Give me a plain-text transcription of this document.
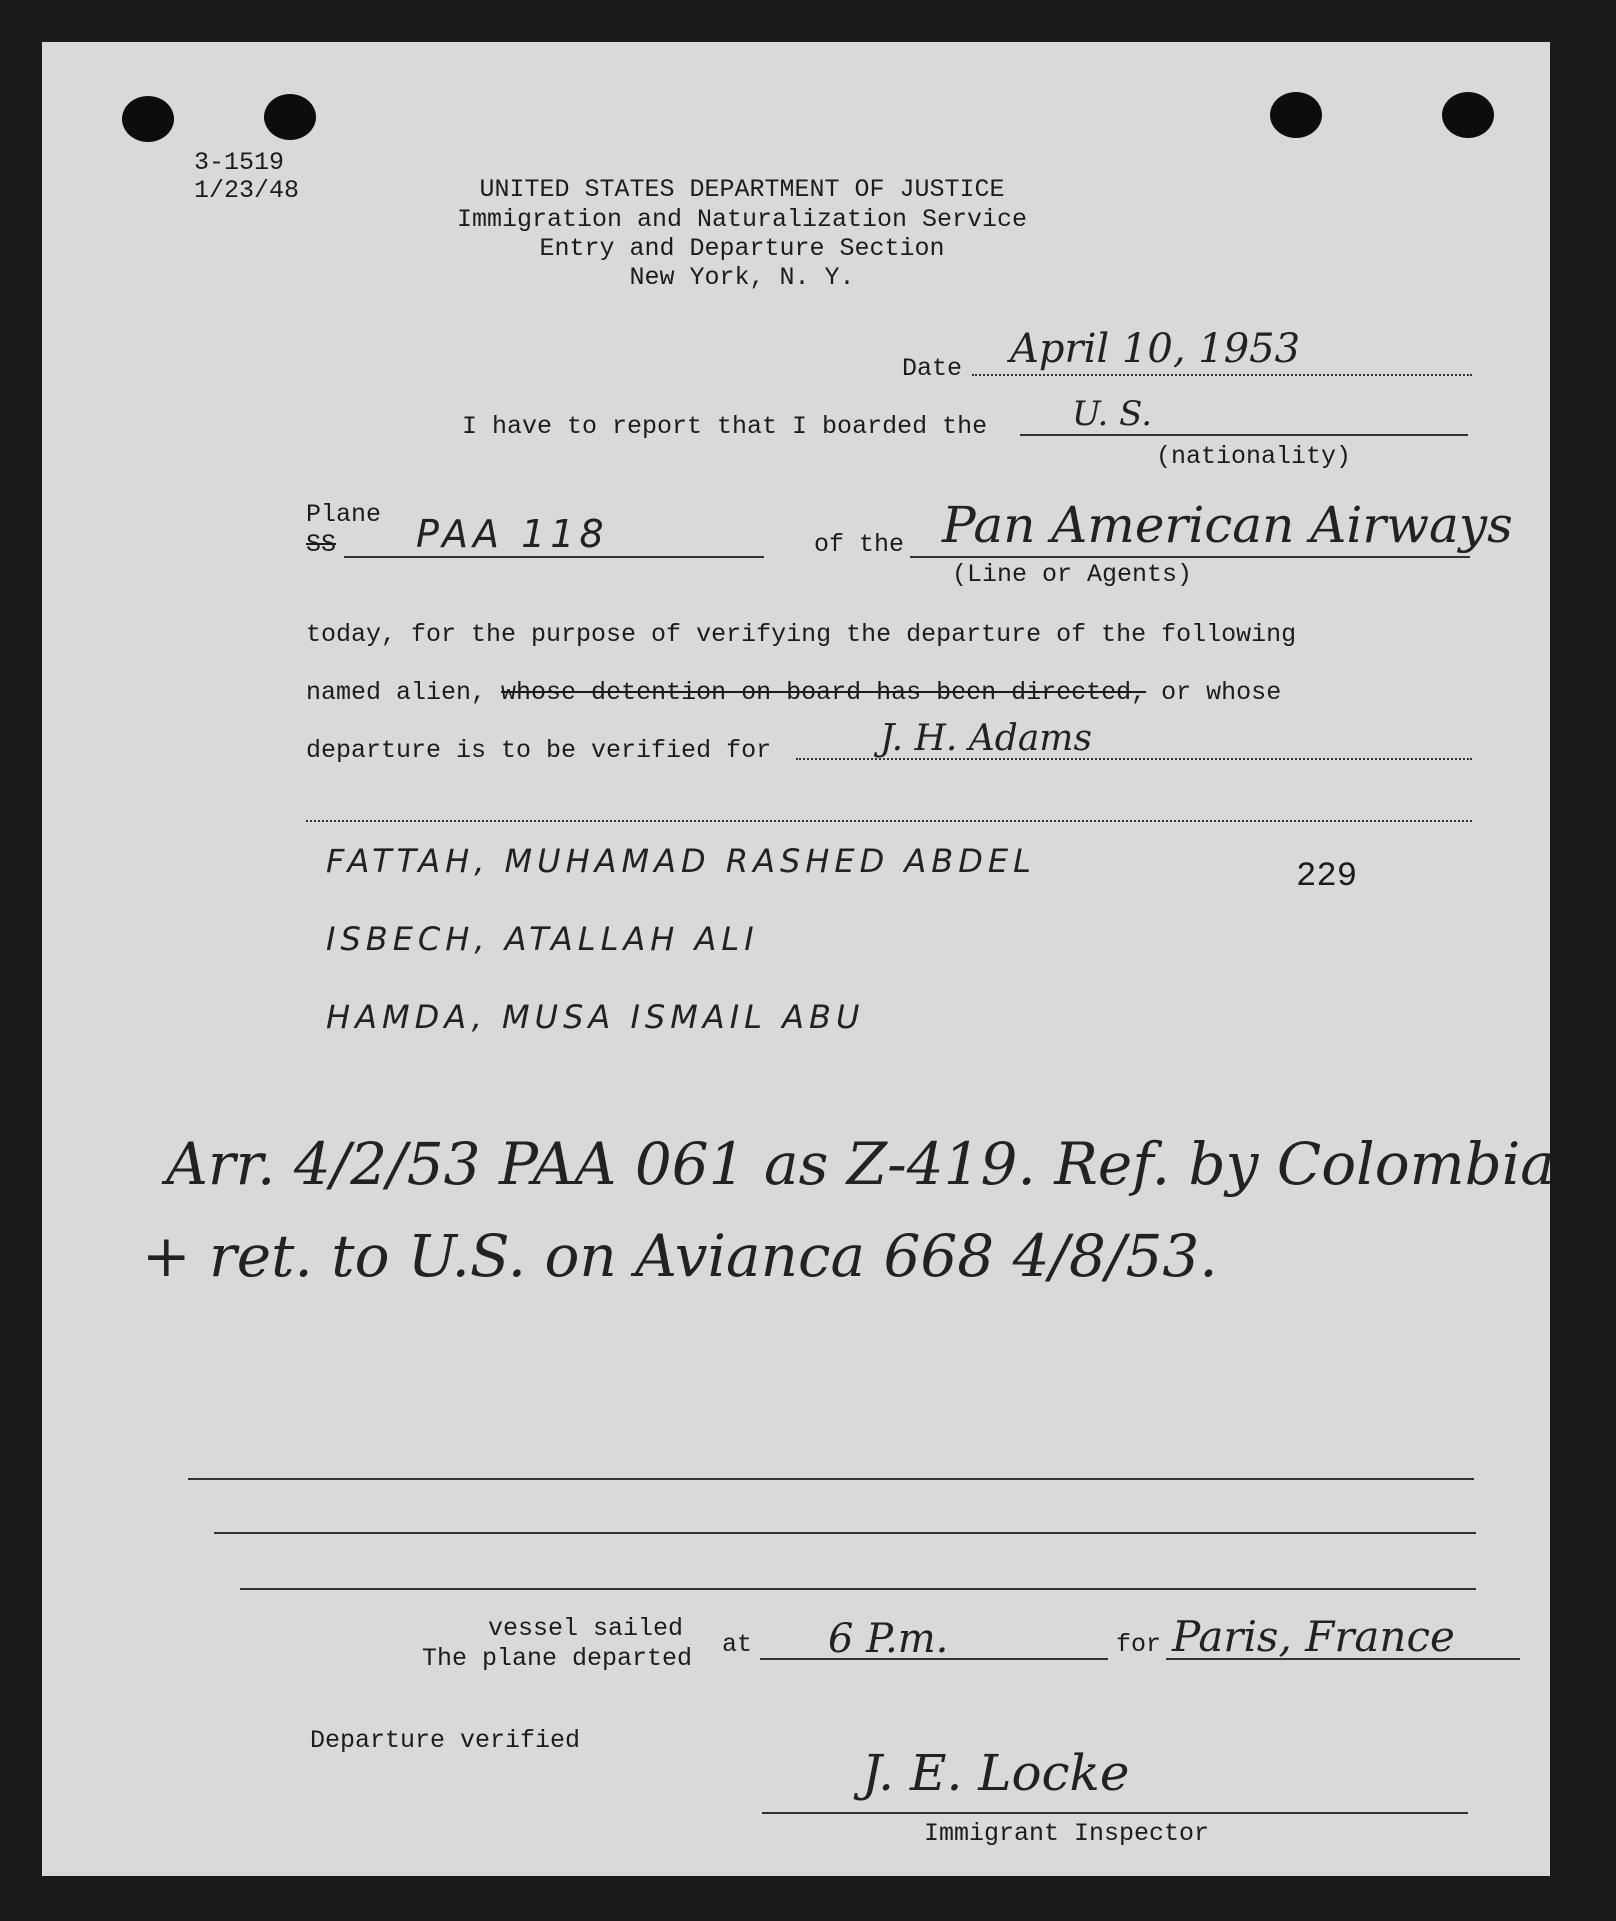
3-1519
1/23/48	UNITED STATES DEPARTMENT OF JUSTICE
Immigration and Naturalization Service
Entry and Departure Section
New York, N. Y.
Date April 10, 1953
I have to report that I boarded the U. S.
(nationality)
Plane
SS PAA 118	of the Pan American Airways
(Line or Agents)
today, for the purpose of verifying the departure of the following
named alien, whose detention on board has been directed, or whose
departure is to be verified for	J. H. Adams
FATTAH, MUHAMAD RASHED ABDEL	229
ISBECH, ATALLAH ALI
HAMDA, MUSA ISMAIL ABU
Arr. 4/2/53 PAA 061 as Z-419. Ref. by Colombia
+ ret. to U.S. on Avianca 668 4/8/53.
vessel sailed
The plane departed at 6 P.m.	for Paris, France
Departure verified
J. E. Locke
Immigrant Inspector
